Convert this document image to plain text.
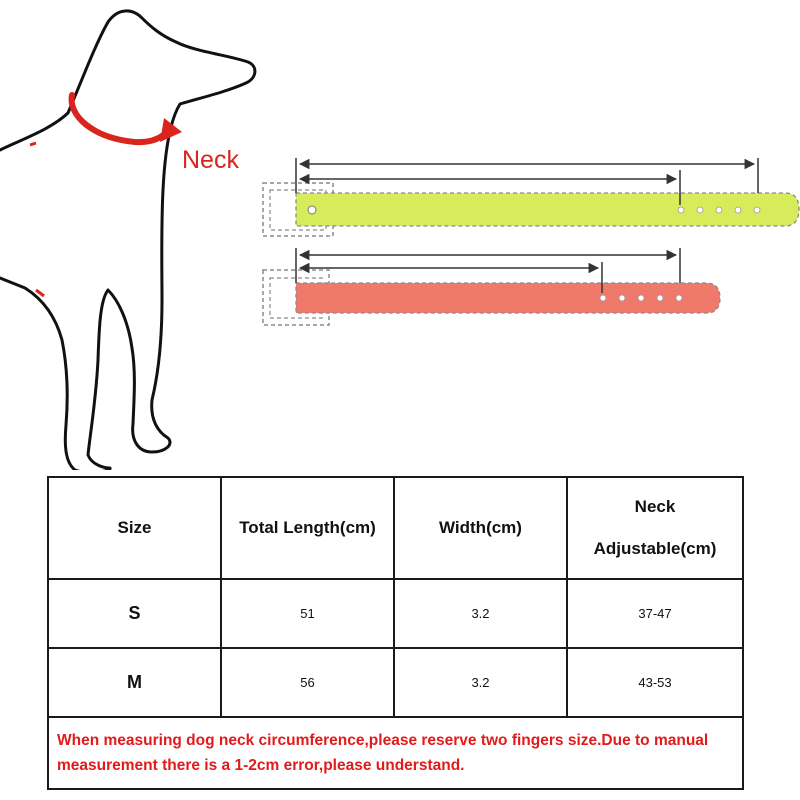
Neck
Size	Total Length(cm)	Width(cm)	Neck
Adjustable(cm)

S	51	3.2	37-47
M	56	3.2	43-53
When measuring dog neck circumference,please reserve two fingers size.Due to manual measurement there is a 1-2cm error,please understand.			
